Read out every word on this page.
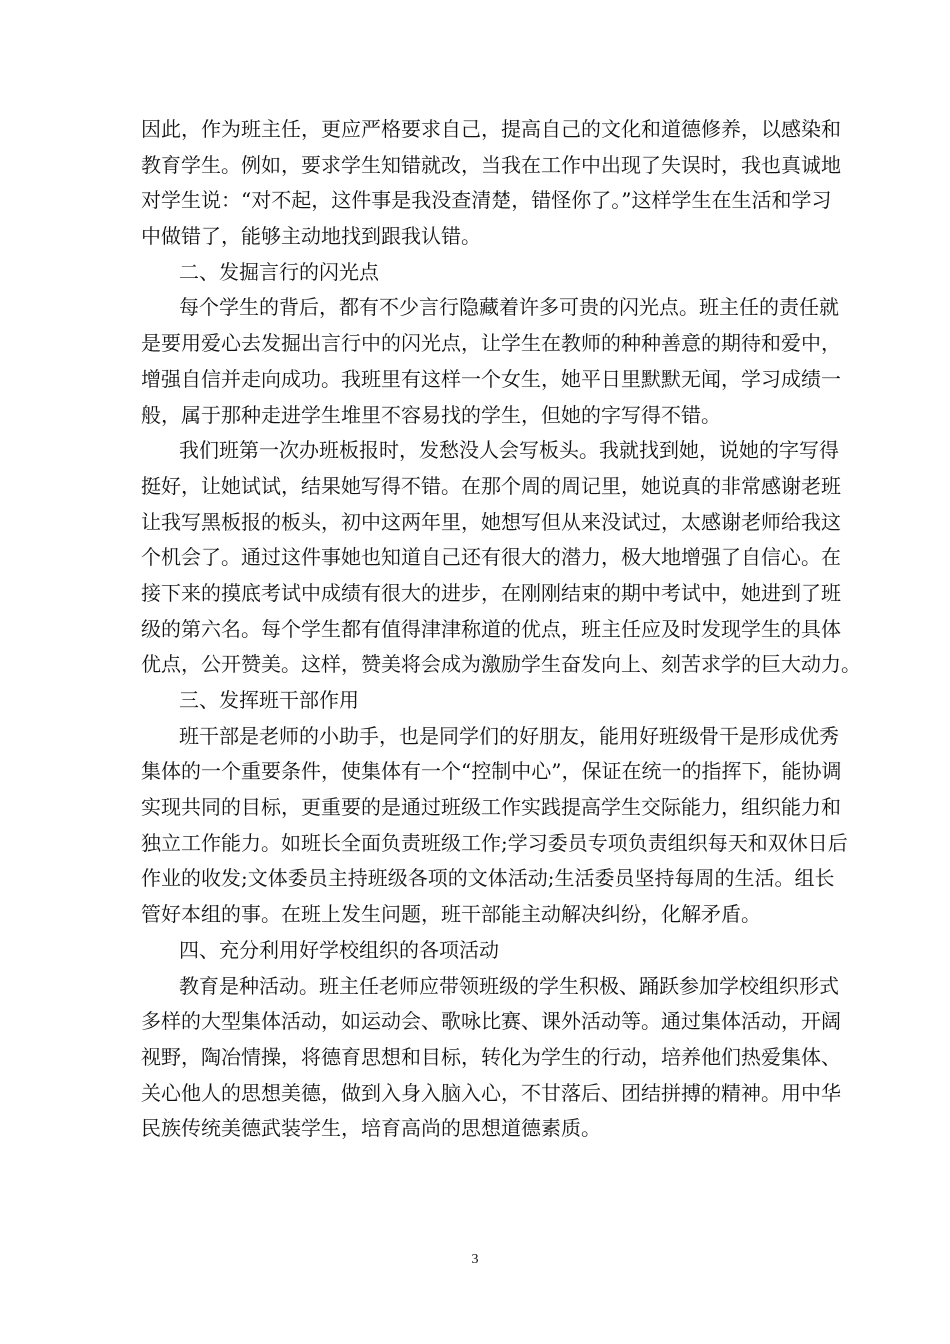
因此，作为班主任，更应严格要求自己，提高自己的文化和道德修养，以感染和
教育学生。例如，要求学生知错就改，当我在工作中出现了失误时，我也真诚地
对学生说：“对不起，这件事是我没查清楚，错怪你了。”这样学生在生活和学习
中做错了，能够主动地找到跟我认错。
二、发掘言行的闪光点
每个学生的背后，都有不少言行隐藏着许多可贵的闪光点。班主任的责任就
是要用爱心去发掘出言行中的闪光点，让学生在教师的种种善意的期待和爱中，
增强自信并走向成功。我班里有这样一个女生，她平日里默默无闻，学习成绩一
般，属于那种走进学生堆里不容易找的学生，但她的字写得不错。
我们班第一次办班板报时，发愁没人会写板头。我就找到她，说她的字写得
挺好，让她试试，结果她写得不错。在那个周的周记里，她说真的非常感谢老班
让我写黑板报的板头，初中这两年里，她想写但从来没试过，太感谢老师给我这
个机会了。通过这件事她也知道自己还有很大的潜力，极大地增强了自信心。在
接下来的摸底考试中成绩有很大的进步，在刚刚结束的期中考试中，她进到了班
级的第六名。每个学生都有值得津津称道的优点，班主任应及时发现学生的具体
优点，公开赞美。这样，赞美将会成为激励学生奋发向上、刻苦求学的巨大动力。
三、发挥班干部作用
班干部是老师的小助手，也是同学们的好朋友，能用好班级骨干是形成优秀
集体的一个重要条件，使集体有一个“控制中心”，保证在统一的指挥下，能协调
实现共同的目标，更重要的是通过班级工作实践提高学生交际能力，组织能力和
独立工作能力。如班长全面负责班级工作;学习委员专项负责组织每天和双休日后
作业的收发;文体委员主持班级各项的文体活动;生活委员坚持每周的生活。组长
管好本组的事。在班上发生问题，班干部能主动解决纠纷，化解矛盾。
四、充分利用好学校组织的各项活动
教育是种活动。班主任老师应带领班级的学生积极、踊跃参加学校组织形式
多样的大型集体活动，如运动会、歌咏比赛、课外活动等。通过集体活动，开阔
视野，陶冶情操，将德育思想和目标，转化为学生的行动，培养他们热爱集体、
关心他人的思想美德，做到入身入脑入心，不甘落后、团结拼搏的精神。用中华
民族传统美德武装学生，培育高尚的思想道德素质。
3
